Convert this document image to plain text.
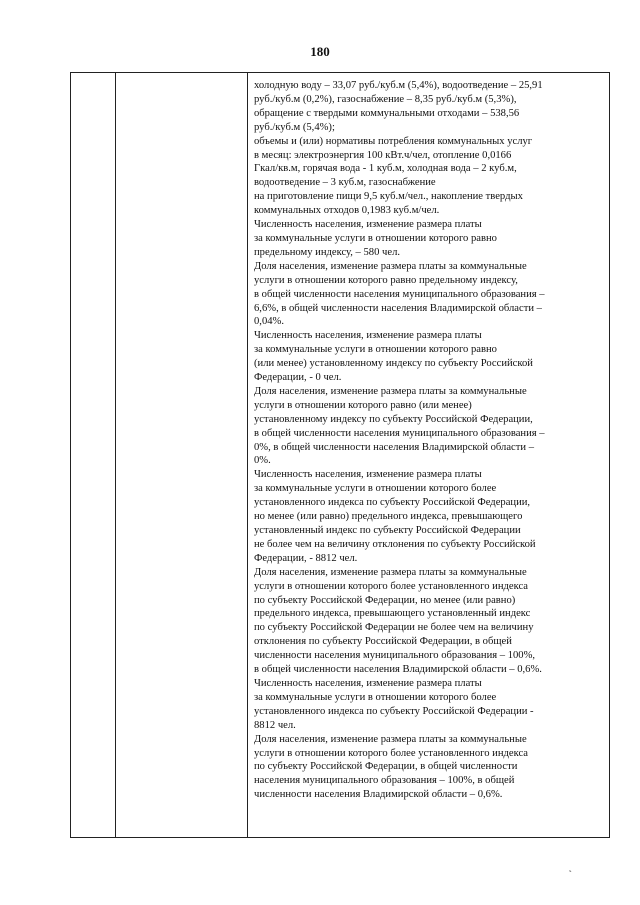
180
холодную воду – 33,07 руб./куб.м (5,4%), водоотведение – 25,91
руб./куб.м (0,2%), газоснабжение – 8,35 руб./куб.м (5,3%),
обращение с твердыми коммунальными отходами – 538,56
руб./куб.м (5,4%);
объемы и (или) нормативы потребления коммунальных услуг
в месяц: электроэнергия 100 кВт.ч/чел, отопление 0,0166
Гкал/кв.м, горячая вода - 1 куб.м, холодная вода – 2 куб.м,
водоотведение – 3 куб.м, газоснабжение
на приготовление пищи 9,5 куб.м/чел., накопление твердых
коммунальных отходов 0,1983 куб.м/чел.
Численность населения, изменение размера платы
за коммунальные услуги в отношении которого равно
предельному индексу, – 580 чел.
Доля населения, изменение размера платы за коммунальные
услуги в отношении которого равно предельному индексу,
в общей численности населения муниципального образования –
6,6%, в общей численности населения Владимирской области –
0,04%.
Численность населения, изменение размера платы
за коммунальные услуги в отношении которого равно
(или менее) установленному индексу по субъекту Российской
Федерации, - 0 чел.
Доля населения, изменение размера платы за коммунальные
услуги в отношении которого равно (или менее)
установленному индексу по субъекту Российской Федерации,
в общей численности населения муниципального образования –
0%, в общей численности населения Владимирской области –
0%.
Численность населения, изменение размера платы
за коммунальные услуги в отношении которого более
установленного индекса по субъекту Российской Федерации,
но менее (или равно) предельного индекса, превышающего
установленный индекс по субъекту Российской Федерации
не более чем на величину отклонения по субъекту Российской
Федерации, - 8812 чел.
Доля населения, изменение размера платы за коммунальные
услуги в отношении которого более установленного индекса
по субъекту Российской Федерации, но менее (или равно)
предельного индекса, превышающего установленный индекс
по субъекту Российской Федерации не более чем на величину
отклонения по субъекту Российской Федерации, в общей
численности населения муниципального образования – 100%,
в общей численности населения Владимирской области – 0,6%.
Численность населения, изменение размера платы
за коммунальные услуги в отношении которого более
установленного индекса по субъекту Российской Федерации -
8812 чел.
Доля населения, изменение размера платы за коммунальные
услуги в отношении которого более установленного индекса
по субъекту Российской Федерации, в общей численности
населения муниципального образования – 100%, в общей
численности населения Владимирской области – 0,6%.
˛
